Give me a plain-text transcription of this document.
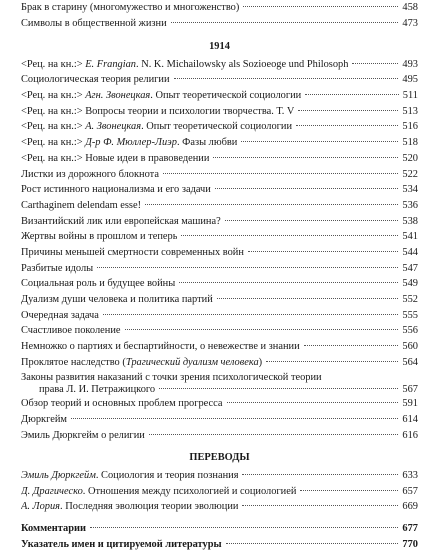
Брак в старину (многомужество и многоженство)	458
Символы в общественной жизни	473
1914
<Рец. на кн.:> E. Frangian. N. K. Michailowsky als Sozioeoge und Philosoph	493
Социологическая теория религии	495
<Рец. на кн.:> Агн. Звонецкая. Опыт теоретической социологии	511
<Рец. на кн.:> Вопросы теории и психологии творчества. Т. V	513
<Рец. на кн.:> А. Звонецкая. Опыт теоретической социологии	516
<Рец. на кн.:> Д-р Ф. Мюллер-Лиэр. Фазы любви	518
<Рец. на кн.:> Новые идеи в правоведении	520
Листки из дорожного блокнота	522
Рост истинного национализма и его задачи	534
Carthaginem delendam esse!	536
Византийский лик или европейская машина?	538
Жертвы войны в прошлом и теперь	541
Причины меньшей смертности современных войн	544
Разбитые идолы	547
Социальная роль и будущее войны	549
Дуализм души человека и политика партий	552
Очередная задача	555
Счастливое поколение	556
Немножко о партиях и беспартийности, о невежестве и знании	560
Проклятое наследство (Трагический дуализм человека)	564
Законы развития наказаний с точки зрения психологической теории
права Л. И. Петражицкого	567
Обзор теорий и основных проблем прогресса	591
Дюркгейм	614
Эмиль Дюркгейм о религии	616
ПЕРЕВОДЫ
Эмиль Дюркгейм. Социология и теория познания	633
Д. Драгическо. Отношения между психологией и социологией	657
А. Лория. Последняя эволюция теории эволюции	669
Комментарии	677
Указатель имен и цитируемой литературы	770
